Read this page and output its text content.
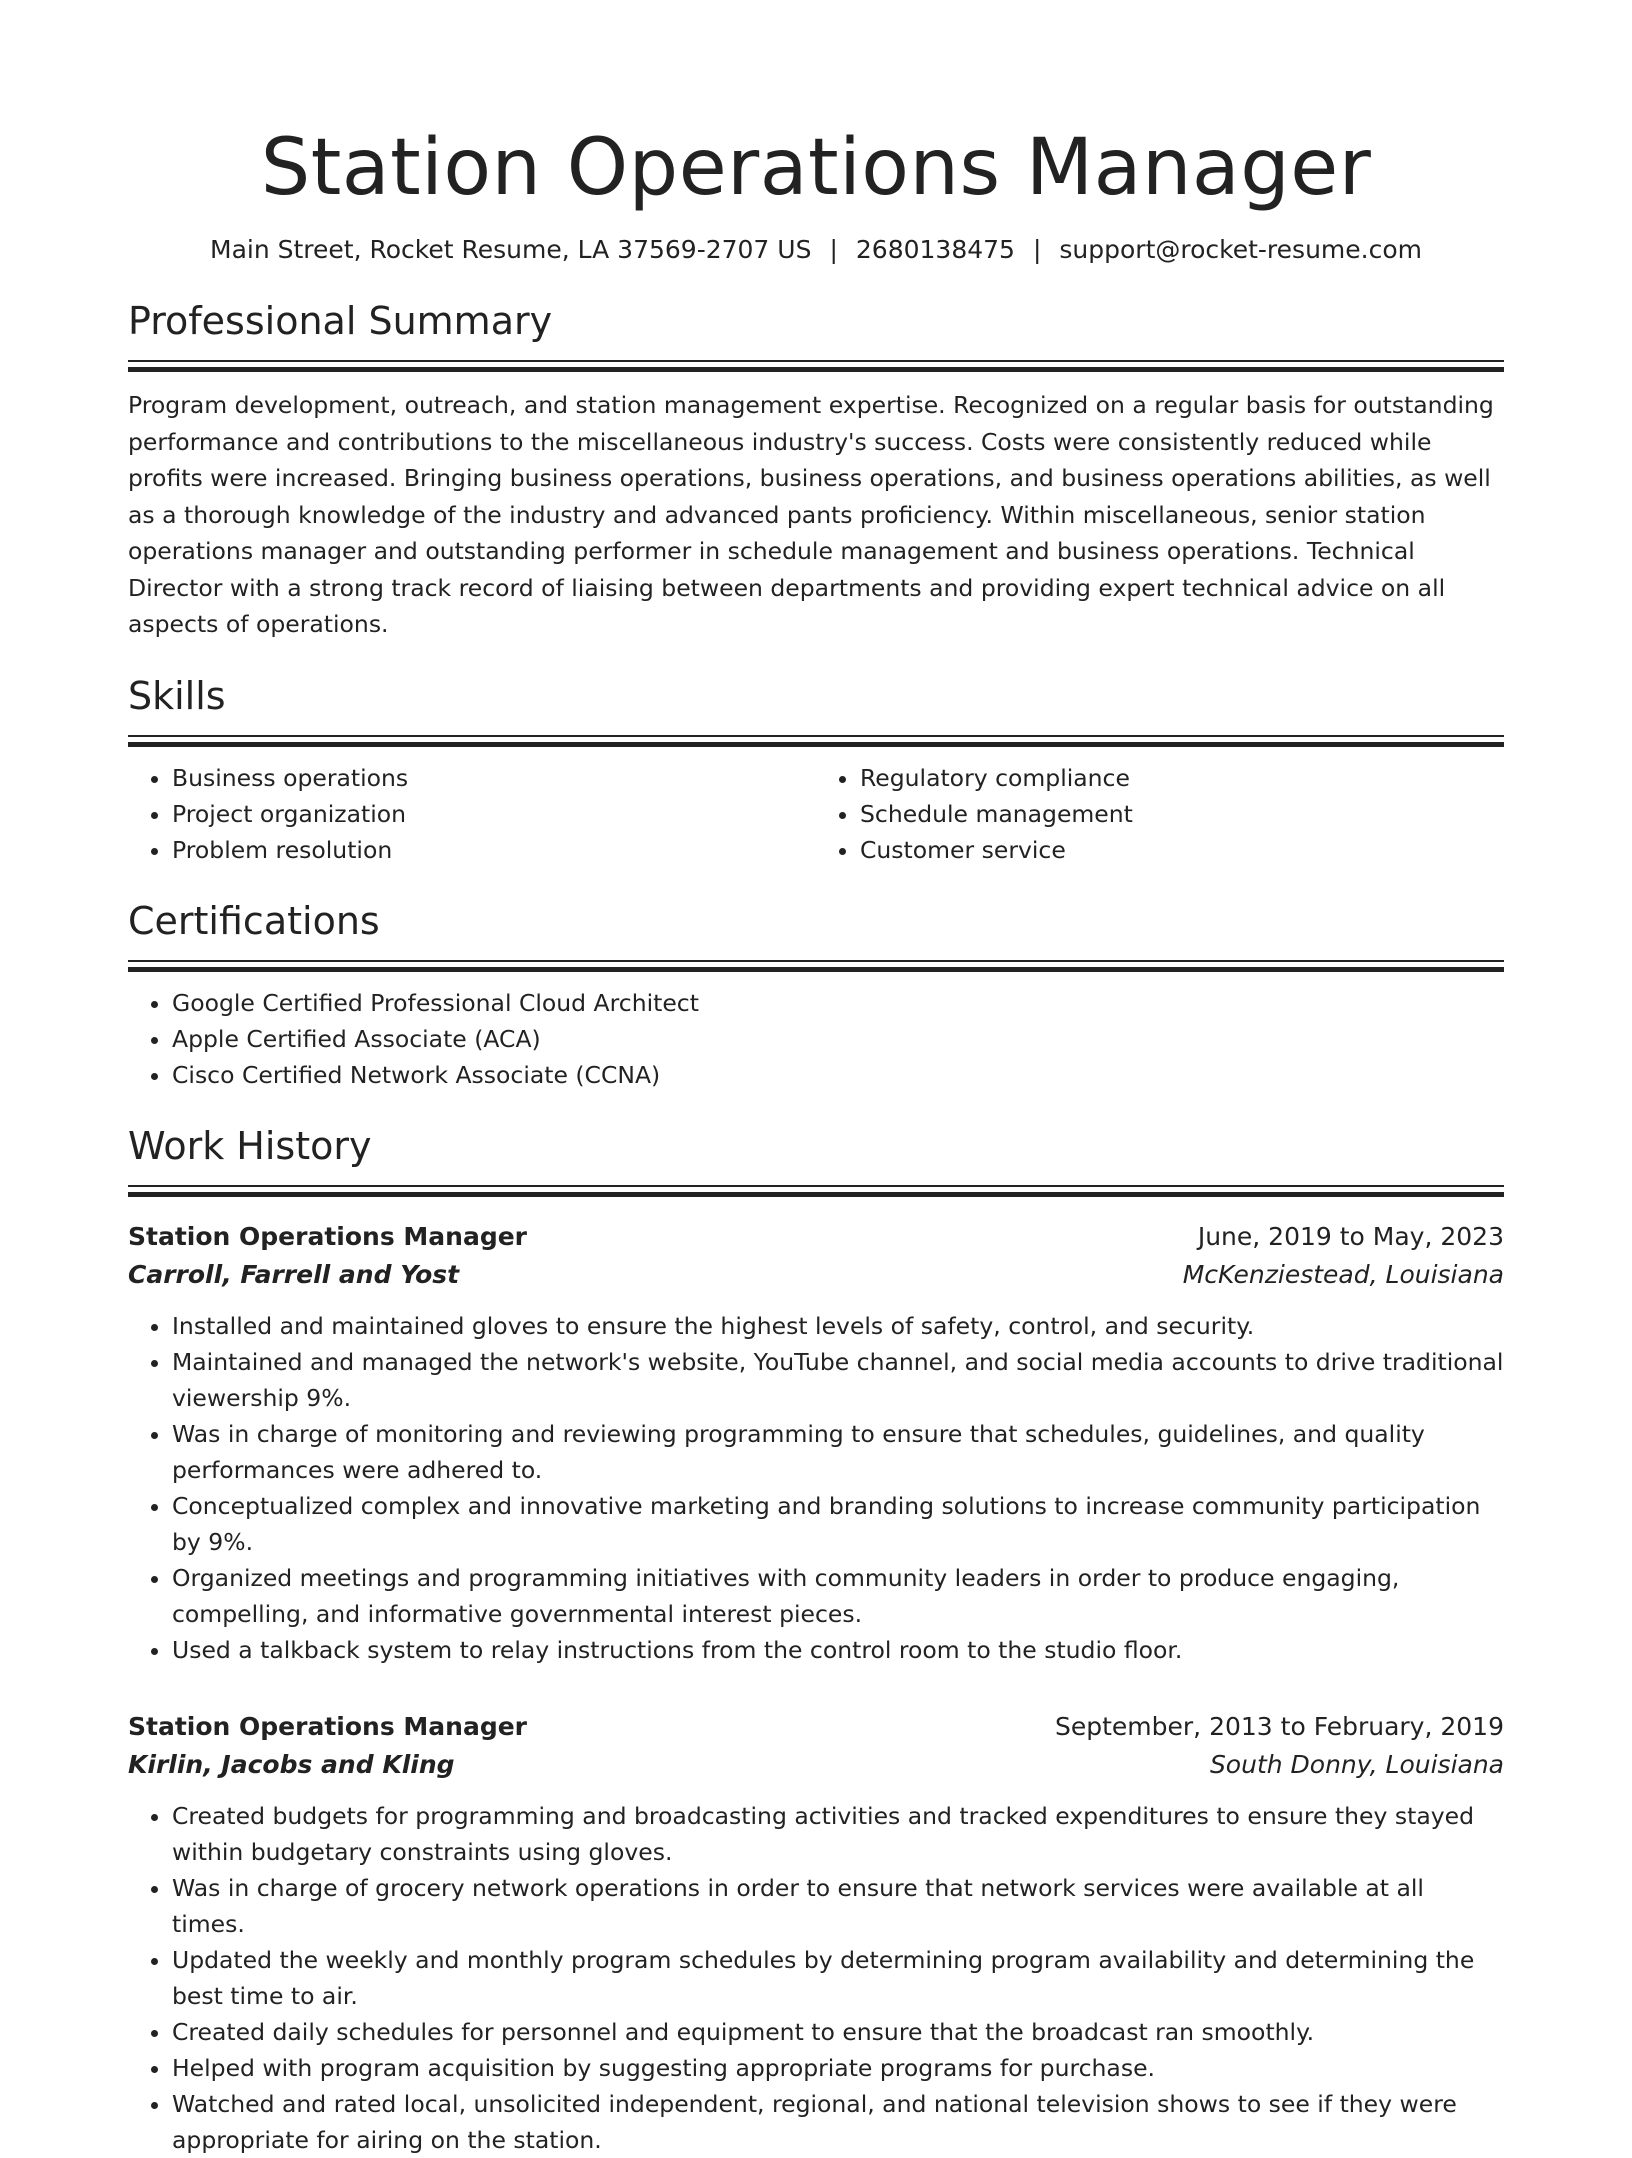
Station Operations Manager
Main Street, Rocket Resume, LA 37569-2707 US | 2680138475 | support@rocket-resume.com
Professional Summary
Program development, outreach, and station management expertise. Recognized on a regular basis for outstanding performance and contributions to the miscellaneous industry's success. Costs were consistently reduced while profits were increased. Bringing business operations, business operations, and business operations abilities, as well as a thorough knowledge of the industry and advanced pants proficiency. Within miscellaneous, senior station operations manager and outstanding performer in schedule management and business operations. Technical Director with a strong track record of liaising between departments and providing expert technical advice on all aspects of operations.
Skills
• Business operations
• Project organization
• Problem resolution
• Regulatory compliance
• Schedule management
• Customer service
Certifications
• Google Certified Professional Cloud Architect
• Apple Certified Associate (ACA)
• Cisco Certified Network Associate (CCNA)
Work History
Station Operations Manager	June, 2019 to May, 2023
Carroll, Farrell and Yost	McKenziestead, Louisiana
• Installed and maintained gloves to ensure the highest levels of safety, control, and security.
• Maintained and managed the network's website, YouTube channel, and social media accounts to drive traditional viewership 9%.
• Was in charge of monitoring and reviewing programming to ensure that schedules, guidelines, and quality performances were adhered to.
• Conceptualized complex and innovative marketing and branding solutions to increase community participation by 9%.
• Organized meetings and programming initiatives with community leaders in order to produce engaging, compelling, and informative governmental interest pieces.
• Used a talkback system to relay instructions from the control room to the studio floor.
Station Operations Manager	September, 2013 to February, 2019
Kirlin, Jacobs and Kling	South Donny, Louisiana
• Created budgets for programming and broadcasting activities and tracked expenditures to ensure they stayed within budgetary constraints using gloves.
• Was in charge of grocery network operations in order to ensure that network services were available at all times.
• Updated the weekly and monthly program schedules by determining program availability and determining the best time to air.
• Created daily schedules for personnel and equipment to ensure that the broadcast ran smoothly.
• Helped with program acquisition by suggesting appropriate programs for purchase.
• Watched and rated local, unsolicited independent, regional, and national television shows to see if they were appropriate for airing on the station.
